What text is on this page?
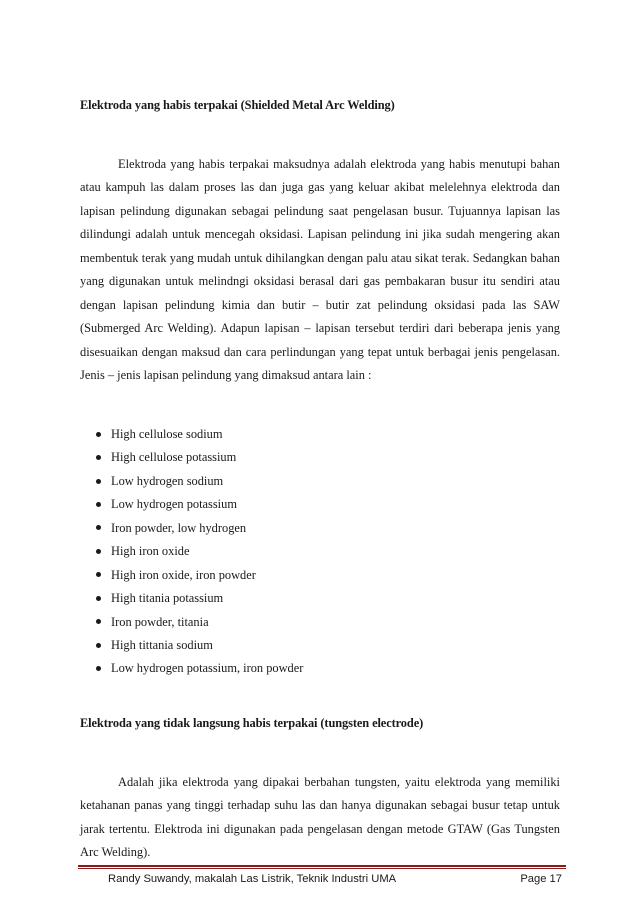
Elektroda yang habis terpakai (Shielded Metal Arc Welding)

Elektroda yang habis terpakai maksudnya adalah elektroda yang habis menutupi bahan atau kampuh las dalam proses las dan juga gas yang keluar akibat melelehnya elektroda dan lapisan pelindung digunakan sebagai pelindung saat pengelasan busur. Tujuannya lapisan las dilindungi adalah untuk mencegah oksidasi. Lapisan pelindung ini jika sudah mengering akan membentuk terak yang mudah untuk dihilangkan dengan palu atau sikat terak. Sedangkan bahan yang digunakan untuk melindngi oksidasi berasal dari gas pembakaran busur itu sendiri atau dengan lapisan pelindung kimia dan butir – butir zat pelindung oksidasi pada las SAW (Submerged Arc Welding). Adapun lapisan – lapisan tersebut terdiri dari beberapa jenis yang disesuaikan dengan maksud dan cara perlindungan yang tepat untuk berbagai jenis pengelasan. Jenis – jenis lapisan pelindung yang dimaksud antara lain :

High cellulose sodium
High cellulose potassium
Low hydrogen sodium
Low hydrogen potassium
Iron powder, low hydrogen
High iron oxide
High iron oxide, iron powder
High titania potassium
Iron powder, titania
High tittania sodium
Low hydrogen potassium, iron powder
Elektroda yang tidak langsung habis terpakai (tungsten electrode)

Adalah jika elektroda yang dipakai berbahan tungsten, yaitu elektroda yang memiliki ketahanan panas yang tinggi terhadap suhu las dan hanya digunakan sebagai busur tetap untuk jarak tertentu. Elektroda ini digunakan pada pengelasan dengan metode GTAW (Gas Tungsten Arc Welding).

Randy Suwandy, makalah Las Listrik, Teknik Industri UMA	Page 17
